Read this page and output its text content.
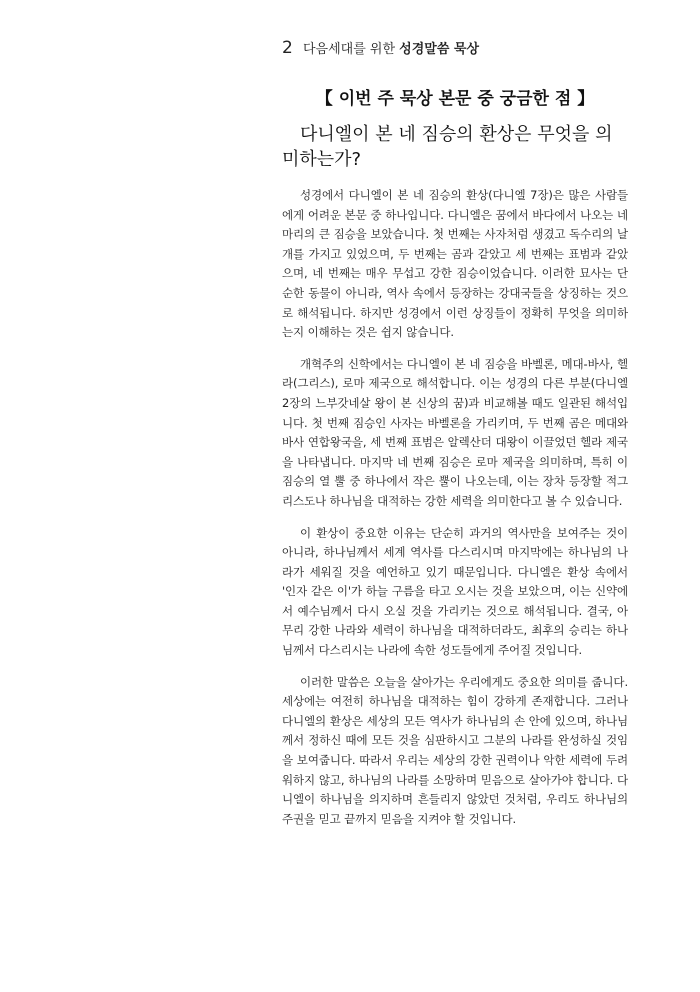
2 다음세대를 위한 성경말씀 묵상
【 이번 주 묵상 본문 중 궁금한 점 】

다니엘이 본 네 짐승의 환상은 무엇을 의미하는가?

성경에서 다니엘이 본 네 짐승의 환상(다니엘 7장)은 많은 사람들에게 어려운 본문 중 하나입니다. 다니엘은 꿈에서 바다에서 나오는 네 마리의 큰 짐승을 보았습니다. 첫 번째는 사자처럼 생겼고 독수리의 날개를 가지고 있었으며, 두 번째는 곰과 같았고 세 번째는 표범과 같았으며, 네 번째는 매우 무섭고 강한 짐승이었습니다. 이러한 묘사는 단순한 동물이 아니라, 역사 속에서 등장하는 강대국들을 상징하는 것으로 해석됩니다. 하지만 성경에서 이런 상징들이 정확히 무엇을 의미하는지 이해하는 것은 쉽지 않습니다.

개혁주의 신학에서는 다니엘이 본 네 짐승을 바벨론, 메대-바사, 헬라(그리스), 로마 제국으로 해석합니다. 이는 성경의 다른 부분(다니엘 2장의 느부갓네살 왕이 본 신상의 꿈)과 비교해볼 때도 일관된 해석입니다. 첫 번째 짐승인 사자는 바벨론을 가리키며, 두 번째 곰은 메대와 바사 연합왕국을, 세 번째 표범은 알렉산더 대왕이 이끌었던 헬라 제국을 나타냅니다. 마지막 네 번째 짐승은 로마 제국을 의미하며, 특히 이 짐승의 열 뿔 중 하나에서 작은 뿔이 나오는데, 이는 장차 등장할 적그리스도나 하나님을 대적하는 강한 세력을 의미한다고 볼 수 있습니다.

이 환상이 중요한 이유는 단순히 과거의 역사만을 보여주는 것이 아니라, 하나님께서 세계 역사를 다스리시며 마지막에는 하나님의 나라가 세워질 것을 예언하고 있기 때문입니다. 다니엘은 환상 속에서 '인자 같은 이'가 하늘 구름을 타고 오시는 것을 보았으며, 이는 신약에서 예수님께서 다시 오실 것을 가리키는 것으로 해석됩니다. 결국, 아무리 강한 나라와 세력이 하나님을 대적하더라도, 최후의 승리는 하나님께서 다스리시는 나라에 속한 성도들에게 주어질 것입니다.

이러한 말씀은 오늘을 살아가는 우리에게도 중요한 의미를 줍니다. 세상에는 여전히 하나님을 대적하는 힘이 강하게 존재합니다. 그러나 다니엘의 환상은 세상의 모든 역사가 하나님의 손 안에 있으며, 하나님께서 정하신 때에 모든 것을 심판하시고 그분의 나라를 완성하실 것임을 보여줍니다. 따라서 우리는 세상의 강한 권력이나 악한 세력에 두려워하지 않고, 하나님의 나라를 소망하며 믿음으로 살아가야 합니다. 다니엘이 하나님을 의지하며 흔들리지 않았던 것처럼, 우리도 하나님의 주권을 믿고 끝까지 믿음을 지켜야 할 것입니다.
